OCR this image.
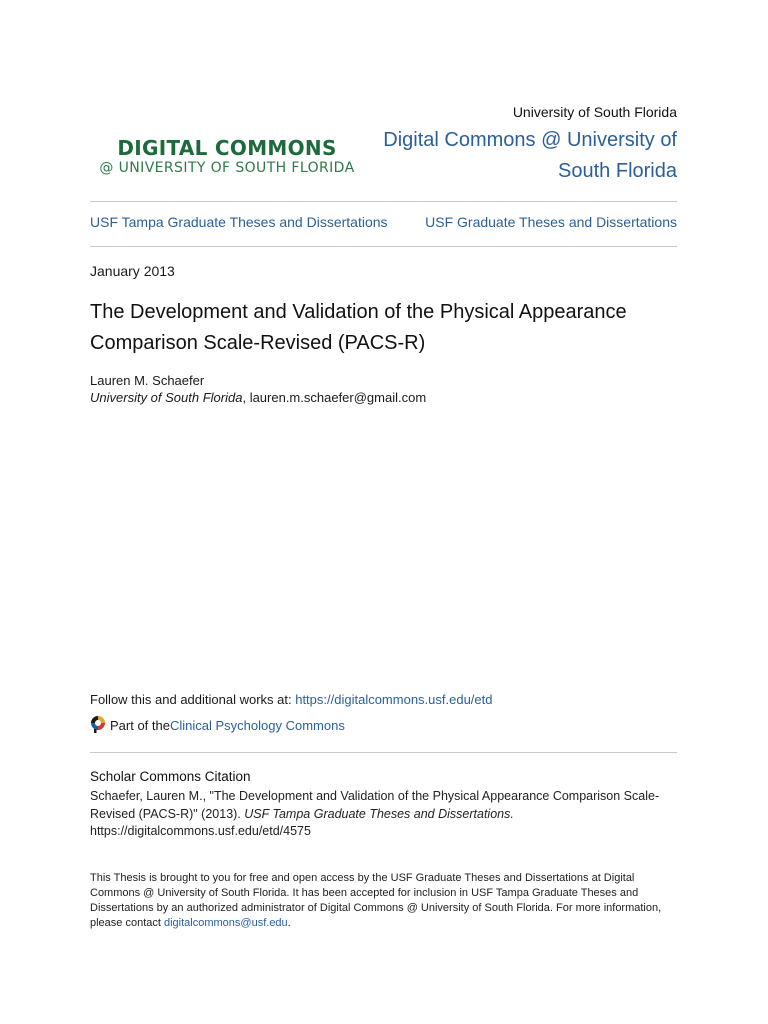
University of South Florida
Digital Commons @ University of South Florida
DIGITAL COMMONS
@ UNIVERSITY OF SOUTH FLORIDA
USF Tampa Graduate Theses and Dissertations	USF Graduate Theses and Dissertations
January 2013
The Development and Validation of the Physical Appearance Comparison Scale-Revised (PACS-R)
Lauren M. Schaefer
University of South Florida, lauren.m.schaefer@gmail.com
Follow this and additional works at: https://digitalcommons.usf.edu/etd
Part of the Clinical Psychology Commons
Scholar Commons Citation
Schaefer, Lauren M., "The Development and Validation of the Physical Appearance Comparison Scale-Revised (PACS-R)" (2013). USF Tampa Graduate Theses and Dissertations.
https://digitalcommons.usf.edu/etd/4575
This Thesis is brought to you for free and open access by the USF Graduate Theses and Dissertations at Digital Commons @ University of South Florida. It has been accepted for inclusion in USF Tampa Graduate Theses and Dissertations by an authorized administrator of Digital Commons @ University of South Florida. For more information, please contact digitalcommons@usf.edu.
